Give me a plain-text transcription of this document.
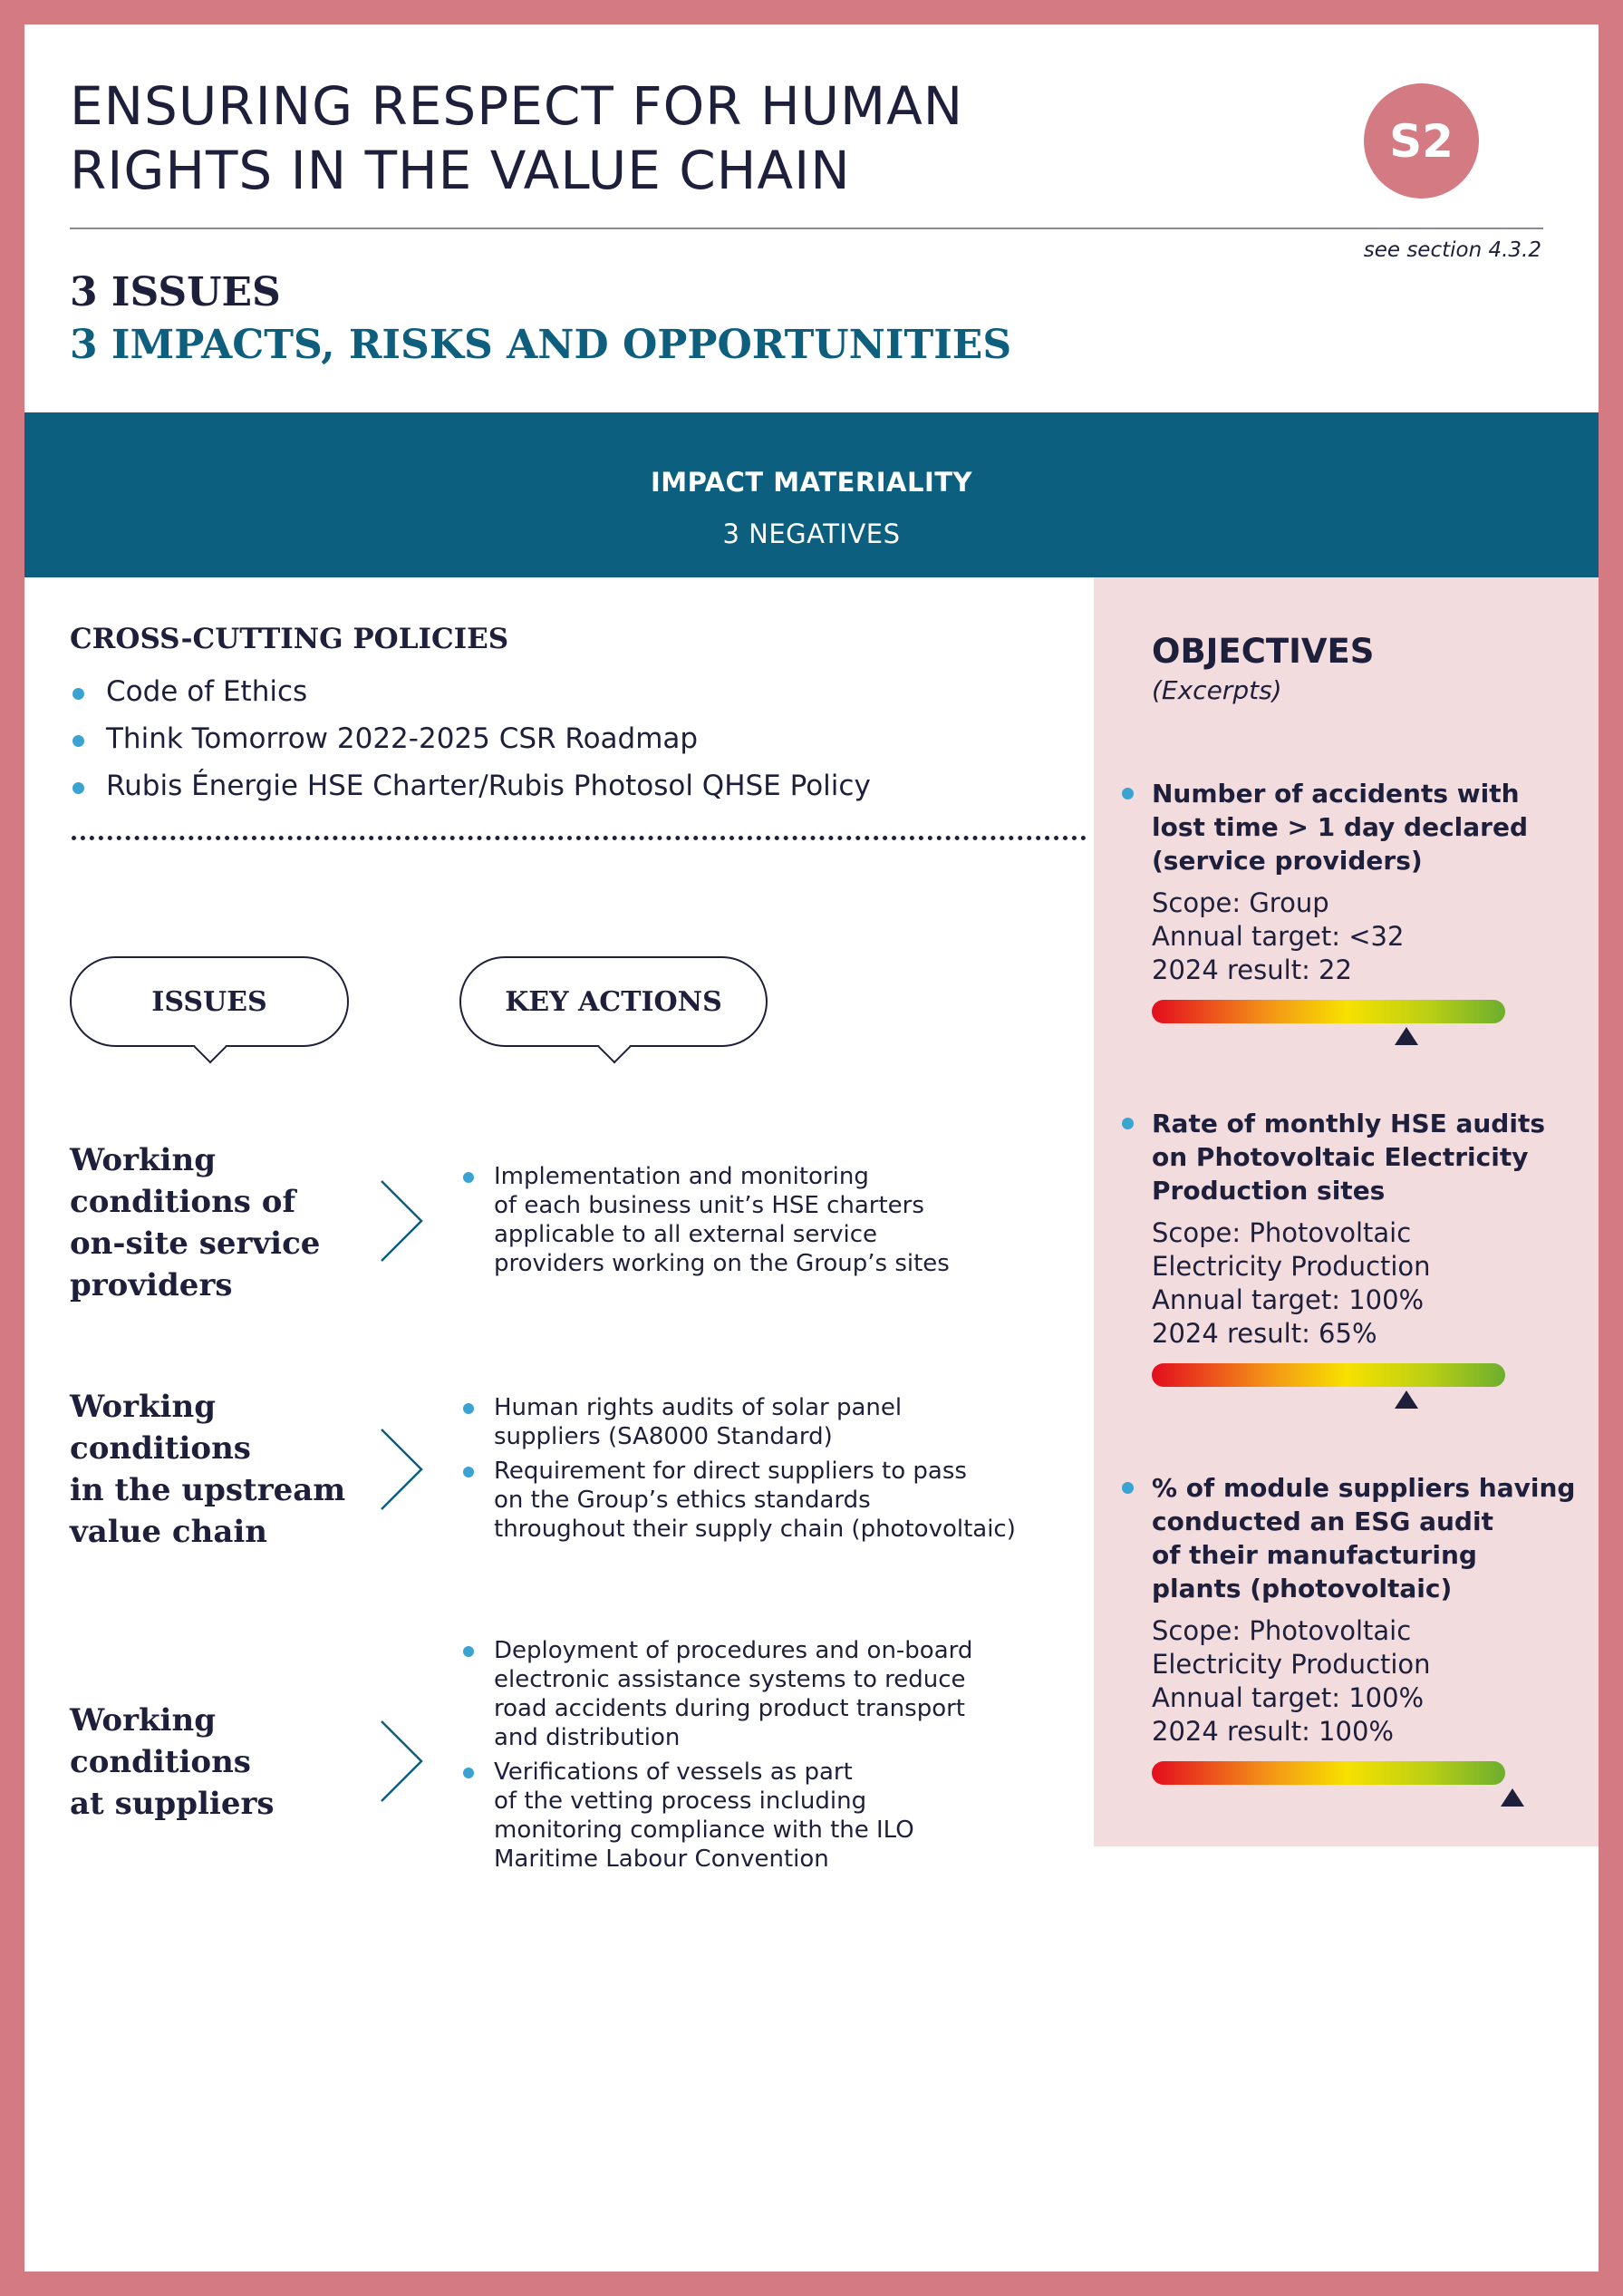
ENSURING RESPECT FOR HUMAN
RIGHTS IN THE VALUE CHAIN	S2
see section 4.3.2
3 ISSUES
3 IMPACTS, RISKS AND OPPORTUNITIES
IMPACT MATERIALITY
3 NEGATIVES
CROSS-CUTTING POLICIES
Code of Ethics
Think Tomorrow 2022-2025 CSR Roadmap
Rubis Énergie HSE Charter/Rubis Photosol QHSE Policy
ISSUES	KEY ACTIONS
Working
conditions of
on-site service
providers
Implementation and monitoring
of each business unit’s HSE charters
applicable to all external service
providers working on the Group’s sites
Working
conditions
in the upstream
value chain
Human rights audits of solar panel
suppliers (SA8000 Standard)
Requirement for direct suppliers to pass
on the Group’s ethics standards
throughout their supply chain (photovoltaic)
Working
conditions
at suppliers
Deployment of procedures and on-board
electronic assistance systems to reduce
road accidents during product transport
and distribution
Verifications of vessels as part
of the vetting process including
monitoring compliance with the ILO
Maritime Labour Convention
OBJECTIVES
(Excerpts)

Number of accidents with
lost time > 1 day declared
(service providers)

Scope: Group
Annual target: <32
2024 result: 22

Rate of monthly HSE audits
on Photovoltaic Electricity
Production sites

Scope: Photovoltaic
Electricity Production
Annual target: 100%
2024 result: 65%

% of module suppliers having
conducted an ESG audit
of their manufacturing
plants (photovoltaic)

Scope: Photovoltaic
Electricity Production
Annual target: 100%
2024 result: 100%
